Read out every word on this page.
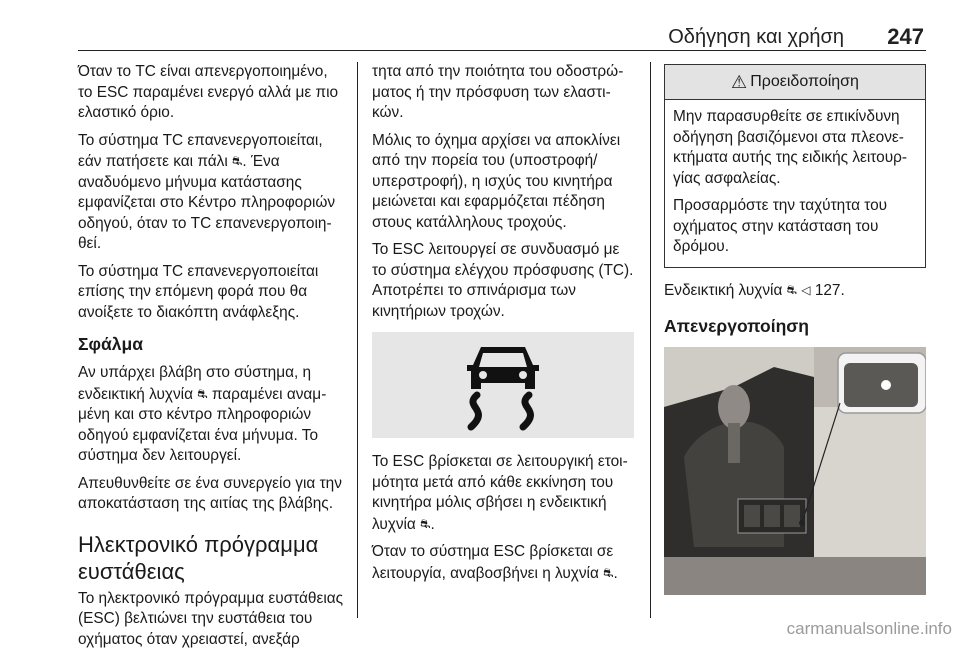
Οδήγηση και χρήση 247

Όταν το TC είναι απενεργοποιημένο, το ESC παραμένει ενεργό αλλά με πιο ελαστικό όριο.

Το σύστημα TC επανενεργοποιείται, εάν πατήσετε και πάλι ⛐. Ένα αναδυόμενο μήνυμα κατάστασης εμφανίζεται στο Κέντρο πληροφοριών οδηγού, όταν το TC επανενεργοποιηθεί.

Το σύστημα TC επανενεργοποιείται επίσης την επόμενη φορά που θα ανοίξετε το διακόπτη ανάφλεξης.

Σφάλμα

Αν υπάρχει βλάβη στο σύστημα, η ενδεικτική λυχνία ⛐ παραμένει αναμμένη και στο κέντρο πληροφοριών οδηγού εμφανίζεται ένα μήνυμα. Το σύστημα δεν λειτουργεί.

Απευθυνθείτε σε ένα συνεργείο για την αποκατάσταση της αιτίας της βλάβης.

Ηλεκτρονικό πρόγραμμα ευστάθειας

Το ηλεκτρονικό πρόγραμμα ευστάθειας (ESC) βελτιώνει την ευστάθεια του οχήματος όταν χρειαστεί, ανεξάρ

τητα από την ποιότητα του οδοστρώματος ή την πρόσφυση των ελαστικών.

Μόλις το όχημα αρχίσει να αποκλίνει από την πορεία του (υποστροφή/υπερστροφή), η ισχύς του κινητήρα μειώνεται και εφαρμόζεται πέδηση στους κατάλληλους τροχούς.

Το ESC λειτουργεί σε συνδυασμό με το σύστημα ελέγχου πρόσφυσης (TC). Αποτρέπει το σπινάρισμα των κινητήριων τροχών.

Το ESC βρίσκεται σε λειτουργική ετοιμότητα μετά από κάθε εκκίνηση του κινητήρα μόλις σβήσει η ενδεικτική λυχνία ⛐.

Όταν το σύστημα ESC βρίσκεται σε λειτουργία, αναβοσβήνει η λυχνία ⛐.

⚠ Προειδοποίηση

Μην παρασυρθείτε σε επικίνδυνη οδήγηση βασιζόμενοι στα πλεονεκτήματα αυτής της ειδικής λειτουργίας ασφαλείας.

Προσαρμόστε την ταχύτητα του οχήματος στην κατάσταση του δρόμου.

Ενδεικτική λυχνία ⛐ ◁ 127.

Απενεργοποίηση
carmanualsonline.info
